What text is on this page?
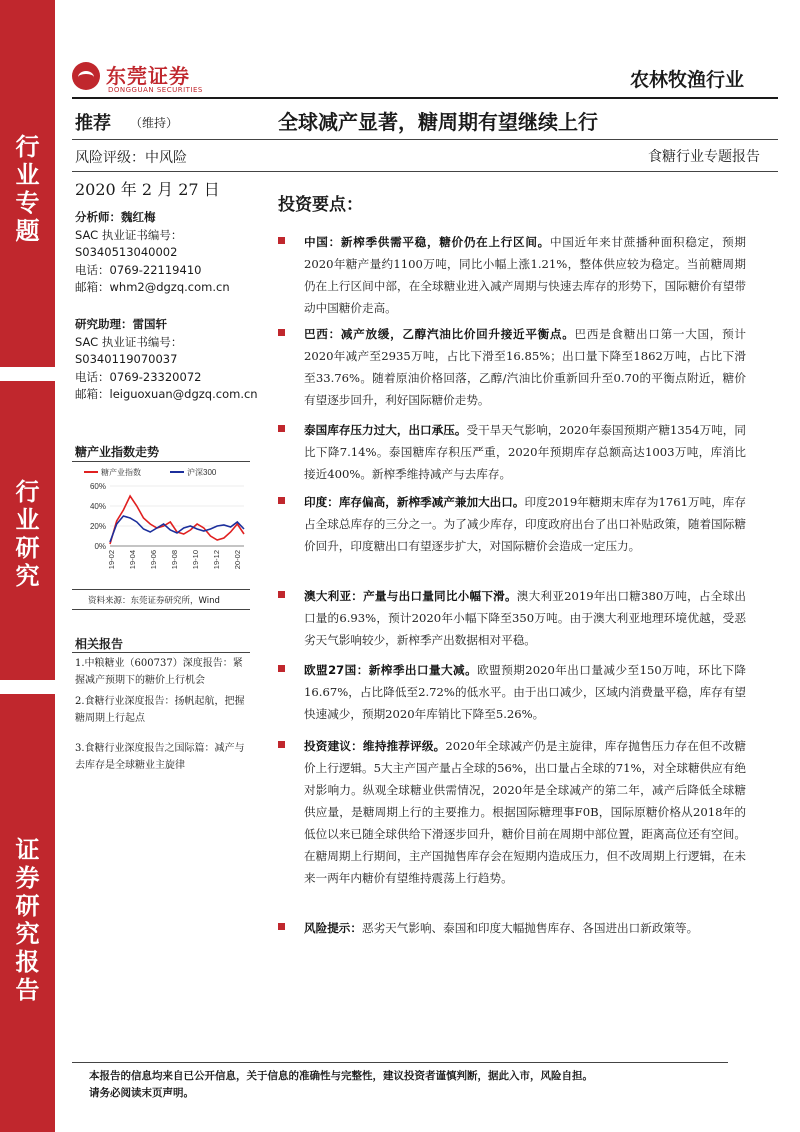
行
业
专
题
行
业
研
究
证
券
研
究
报
告
东莞证券
DONGGUAN SECURITIES	农林牧渔行业
推荐 （维持）	全球减产显著，糖周期有望继续上行
风险评级：中风险	食糖行业专题报告
2020 年 2 月 27 日
分析师：魏红梅
SAC 执业证书编号：
S0340513040002
电话：0769-22119410
邮箱：whm2@dgzq.com.cn
研究助理：雷国轩
SAC 执业证书编号：
S0340119070037
电话：0769-23320072
邮箱：leiguoxuan@dgzq.com.cn
糖产业指数走势
60%
40%
20%
0%
19-02 19-04 19-06 19-08 19-10 19-12 20-02
糖产业指数	沪深300
资料来源：东莞证券研究所，Wind
相关报告
1.中粮糖业（600737）深度报告：紧握减产预期下的糖价上行机会
2.食糖行业深度报告：扬帆起航，把握糖周期上行起点
3.食糖行业深度报告之国际篇：减产与去库存是全球糖业主旋律
投资要点：
中国：新榨季供需平稳，糖价仍在上行区间。中国近年来甘蔗播种面积稳定，预期2020年糖产量约1100万吨，同比小幅上涨1.21%，整体供应较为稳定。当前糖周期仍在上行区间中部，在全球糖业进入减产周期与快速去库存的形势下，国际糖价有望带动中国糖价走高。
巴西：减产放缓，乙醇汽油比价回升接近平衡点。巴西是食糖出口第一大国，预计2020年减产至2935万吨，占比下滑至16.85%；出口量下降至1862万吨，占比下滑至33.76%。随着原油价格回落，乙醇/汽油比价重新回升至0.70的平衡点附近，糖价有望逐步回升，利好国际糖价走势。
泰国库存压力过大，出口承压。受干旱天气影响，2020年泰国预期产糖1354万吨，同比下降7.14%。泰国糖库存积压严重，2020年预期库存总额高达1003万吨，库消比接近400%。新榨季维持减产与去库存。
印度：库存偏高，新榨季减产兼加大出口。印度2019年糖期末库存为1761万吨，库存占全球总库存的三分之一。为了减少库存，印度政府出台了出口补贴政策，随着国际糖价回升，印度糖出口有望逐步扩大，对国际糖价会造成一定压力。
澳大利亚：产量与出口量同比小幅下滑。澳大利亚2019年出口糖380万吨，占全球出口量的6.93%，预计2020年小幅下降至350万吨。由于澳大利亚地理环境优越，受恶劣天气影响较少，新榨季产出数据相对平稳。
欧盟27国：新榨季出口量大减。欧盟预期2020年出口量减少至150万吨，环比下降16.67%，占比降低至2.72%的低水平。由于出口减少，区域内消费量平稳，库存有望快速减少，预期2020年库销比下降至5.26%。
投资建议：维持推荐评级。2020年全球减产仍是主旋律，库存抛售压力存在但不改糖价上行逻辑。5大主产国产量占全球的56%，出口量占全球的71%，对全球糖供应有绝对影响力。纵观全球糖业供需情况，2020年是全球减产的第二年，减产后降低全球糖供应量，是糖周期上行的主要推力。根据国际糖理事F0B，国际原糖价格从2018年的低位以来已随全球供给下滑逐步回升，糖价目前在周期中部位置，距离高位还有空间。在糖周期上行期间，主产国抛售库存会在短期内造成压力，但不改周期上行逻辑，在未来一两年内糖价有望维持震荡上行趋势。
风险提示：恶劣天气影响、泰国和印度大幅抛售库存、各国进出口新政策等。
本报告的信息均来自已公开信息，关于信息的准确性与完整性，建议投资者谨慎判断，据此入市，风险自担。
请务必阅读末页声明。
